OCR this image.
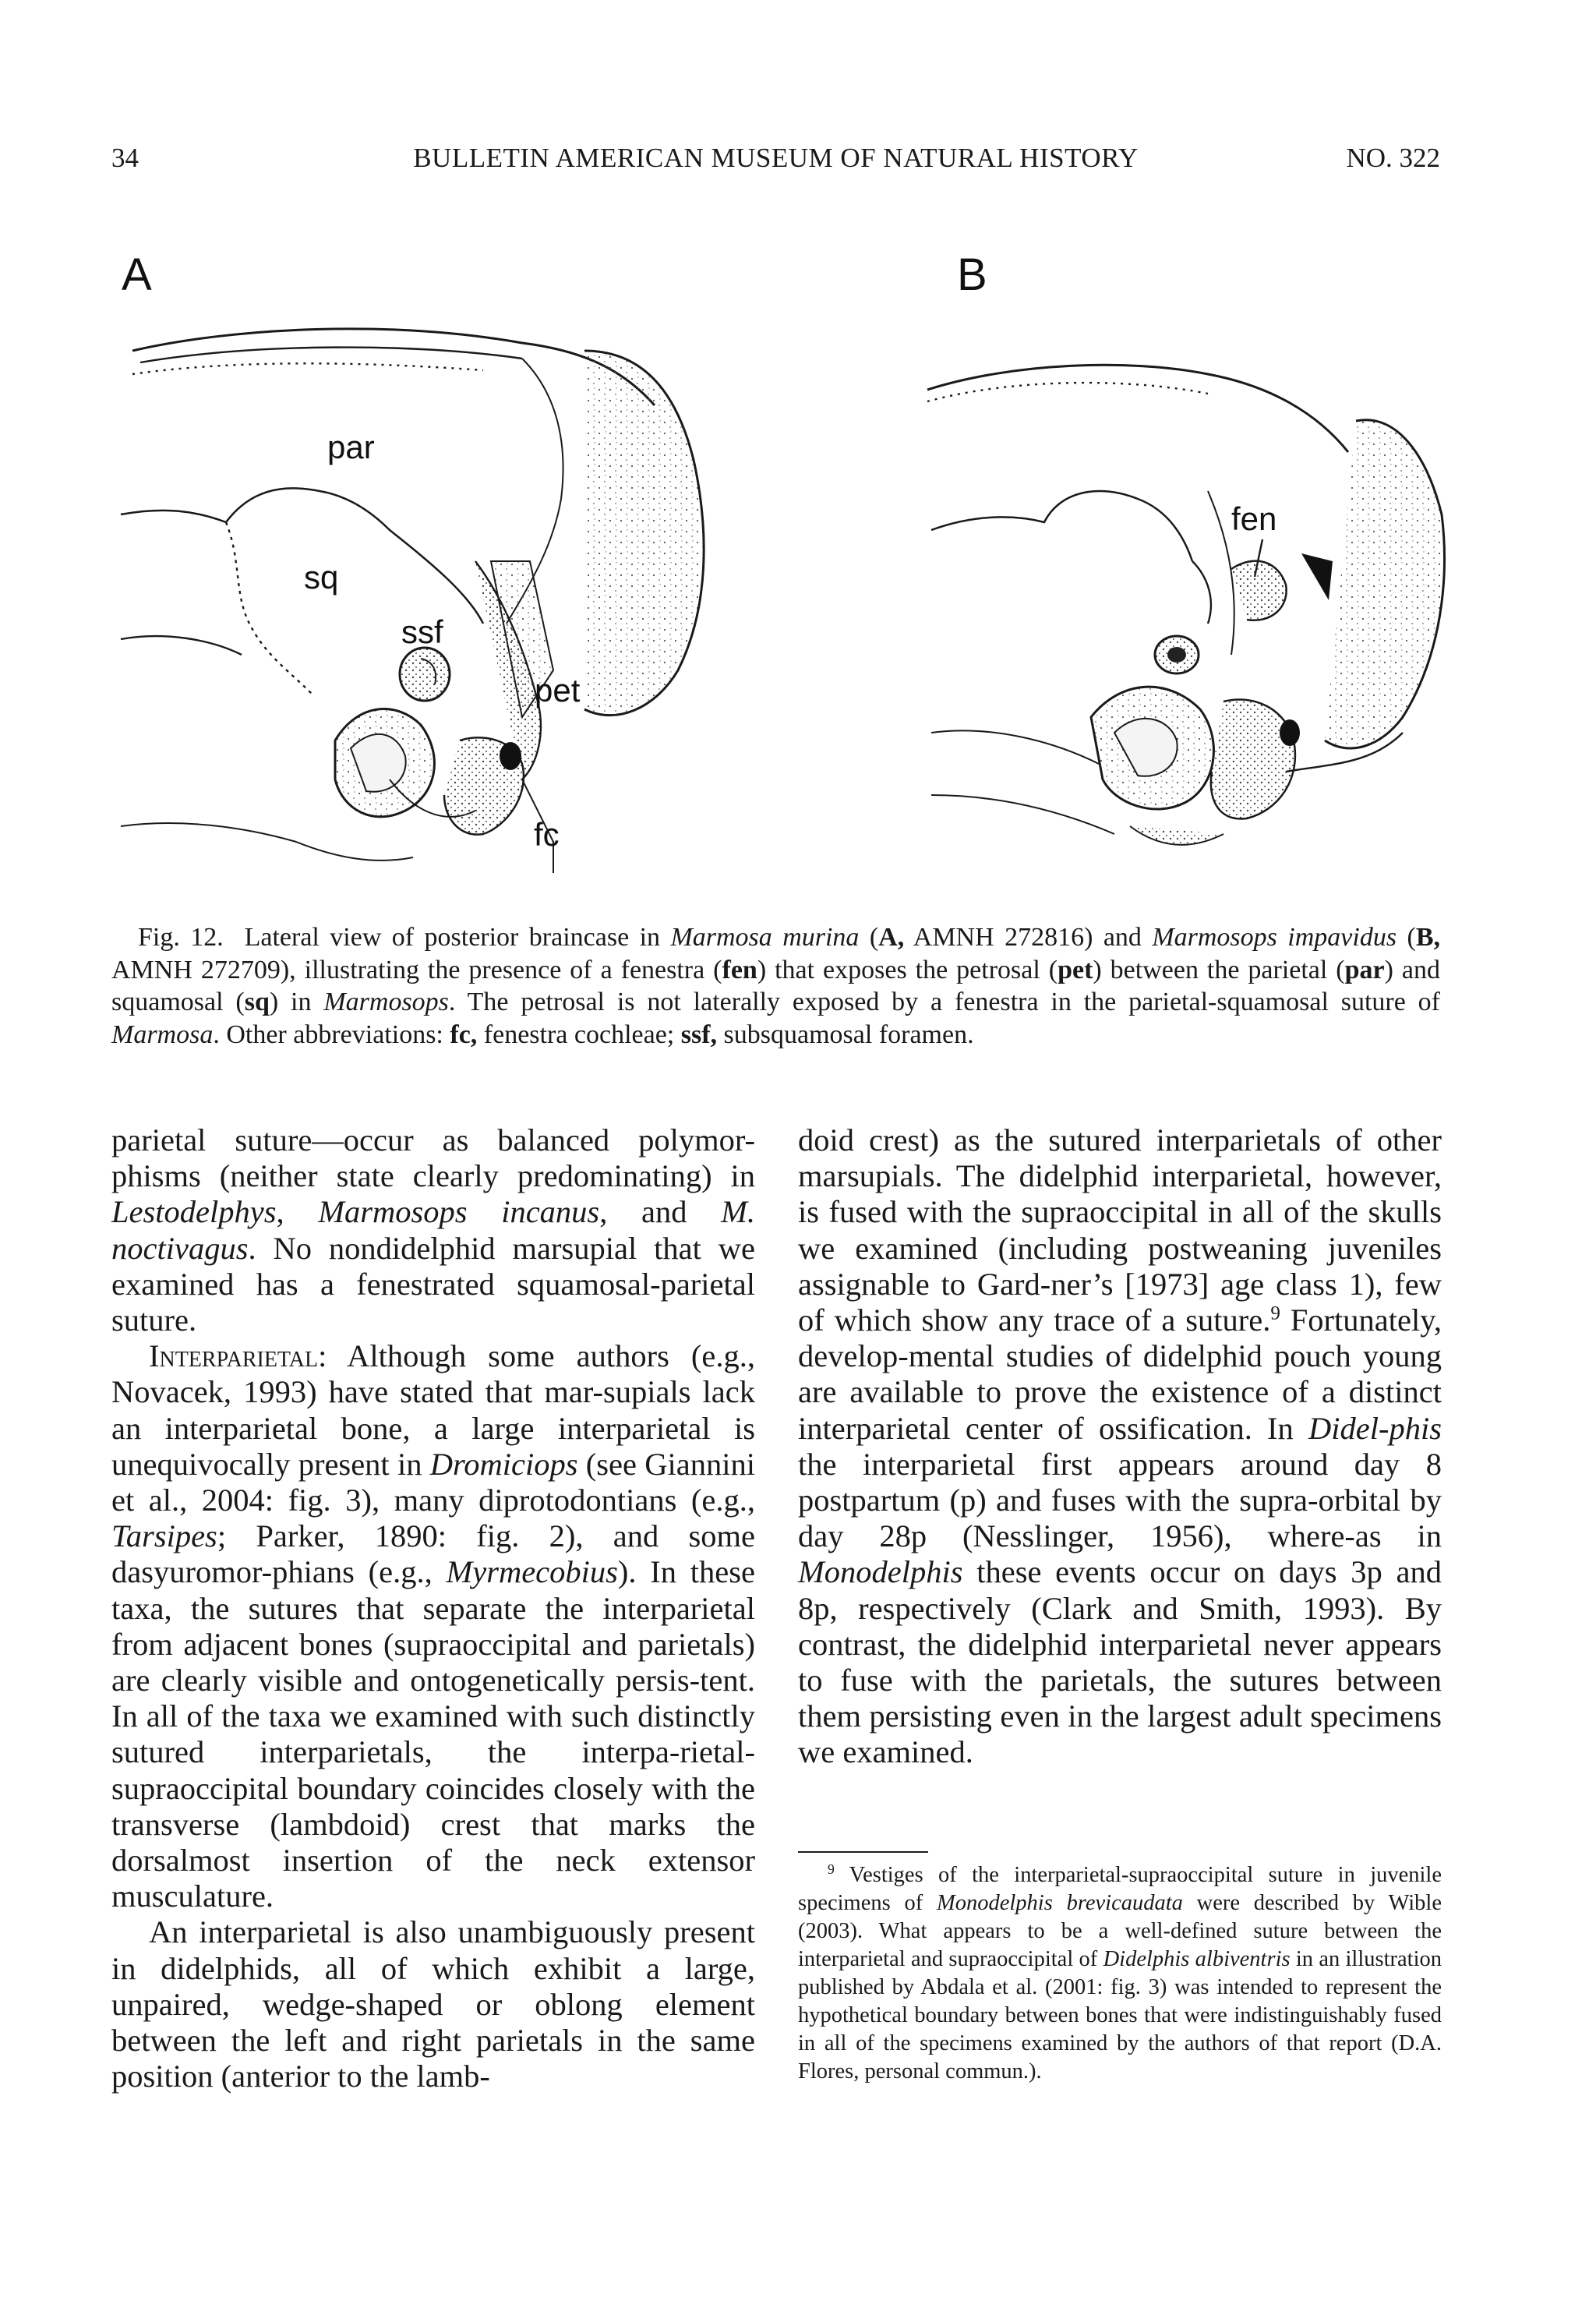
34	BULLETIN AMERICAN MUSEUM OF NATURAL HISTORY	NO. 322
A	B
par
sq
ssf
pet
fc
fen
Fig. 12. Lateral view of posterior braincase in Marmosa murina (A, AMNH 272816) and Marmosops impavidus (B, AMNH 272709), illustrating the presence of a fenestra (fen) that exposes the petrosal (pet) between the parietal (par) and squamosal (sq) in Marmosops. The petrosal is not laterally exposed by a fenestra in the parietal-squamosal suture of Marmosa. Other abbreviations: fc, fenestra cochleae; ssf, subsquamosal foramen.

parietal suture—occur as balanced polymor-phisms (neither state clearly predominating) in Lestodelphys, Marmosops incanus, and M. noctivagus. No nondidelphid marsupial that we examined has a fenestrated squamosal-parietal suture.

Interparietal: Although some authors (e.g., Novacek, 1993) have stated that mar-supials lack an interparietal bone, a large interparietal is unequivocally present in Dromiciops (see Giannini et al., 2004: fig. 3), many diprotodontians (e.g., Tarsipes; Parker, 1890: fig. 2), and some dasyuromor-phians (e.g., Myrmecobius). In these taxa, the sutures that separate the interparietal from adjacent bones (supraoccipital and parietals) are clearly visible and ontogenetically persis-tent. In all of the taxa we examined with such distinctly sutured interparietals, the interpa-rietal-supraoccipital boundary coincides closely with the transverse (lambdoid) crest that marks the dorsalmost insertion of the neck extensor musculature.

An interparietal is also unambiguously present in didelphids, all of which exhibit a large, unpaired, wedge-shaped or oblong element between the left and right parietals in the same position (anterior to the lamb-

doid crest) as the sutured interparietals of other marsupials. The didelphid interparietal, however, is fused with the supraoccipital in all of the skulls we examined (including postweaning juveniles assignable to Gard-ner’s [1973] age class 1), few of which show any trace of a suture.$^9$ Fortunately, develop-mental studies of didelphid pouch young are available to prove the existence of a distinct interparietal center of ossification. In Didel-phis the interparietal first appears around day 8 postpartum (p) and fuses with the supra-orbital by day 28p (Nesslinger, 1956), where-as in Monodelphis these events occur on days 3p and 8p, respectively (Clark and Smith, 1993). By contrast, the didelphid interparietal never appears to fuse with the parietals, the sutures between them persisting even in the largest adult specimens we examined.

$^9$ Vestiges of the interparietal-supraoccipital suture in juvenile specimens of Monodelphis brevicaudata were described by Wible (2003). What appears to be a well-defined suture between the interparietal and supraoccipital of Didelphis albiventris in an illustration published by Abdala et al. (2001: fig. 3) was intended to represent the hypothetical boundary between bones that were indistinguishably fused in all of the specimens examined by the authors of that report (D.A. Flores, personal commun.).
